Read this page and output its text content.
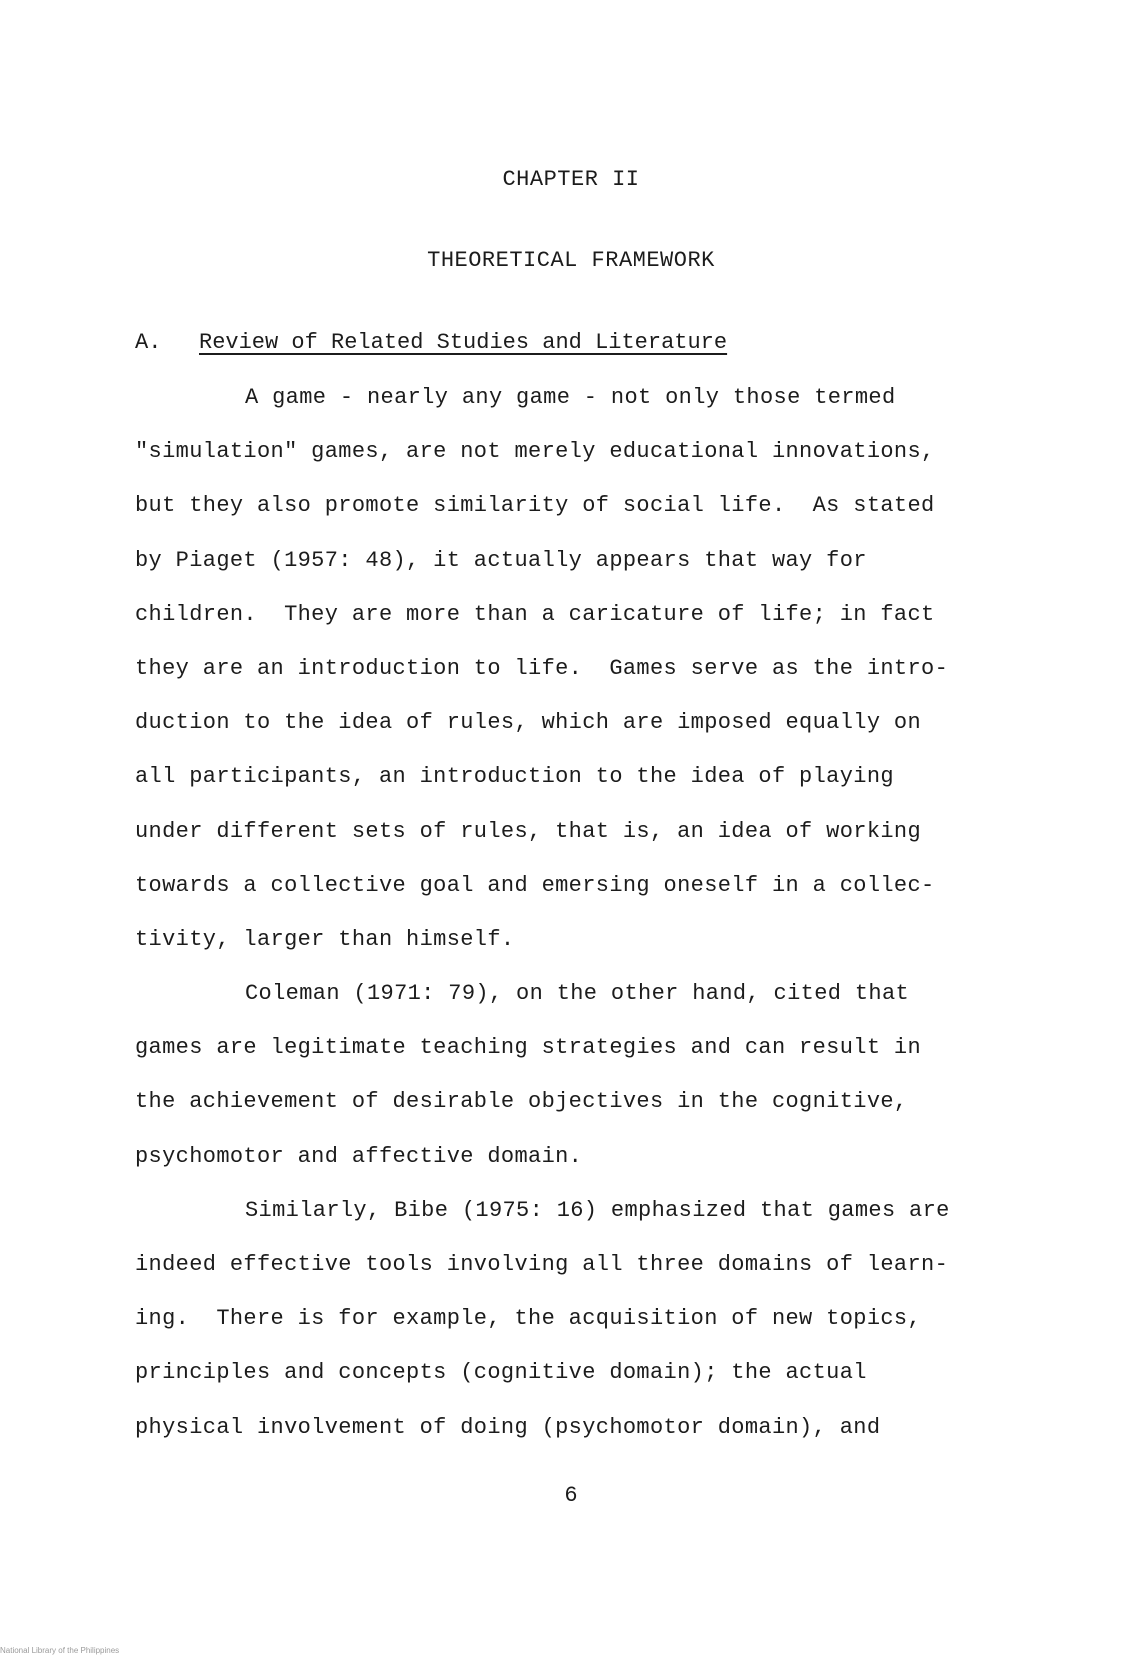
CHAPTER II
THEORETICAL FRAMEWORK
A. Review of Related Studies and Literature
A game - nearly any game - not only those termed
"simulation" games, are not merely educational innovations,
but they also promote similarity of social life.  As stated
by Piaget (1957: 48), it actually appears that way for
children.  They are more than a caricature of life; in fact
they are an introduction to life.  Games serve as the intro-
duction to the idea of rules, which are imposed equally on
all participants, an introduction to the idea of playing
under different sets of rules, that is, an idea of working
towards a collective goal and emersing oneself in a collec-
tivity, larger than himself.
Coleman (1971: 79), on the other hand, cited that
games are legitimate teaching strategies and can result in
the achievement of desirable objectives in the cognitive,
psychomotor and affective domain.
Similarly, Bibe (1975: 16) emphasized that games are
indeed effective tools involving all three domains of learn-
ing.  There is for example, the acquisition of new topics,
principles and concepts (cognitive domain); the actual
physical involvement of doing (psychomotor domain), and
6
National Library of the Philippines
